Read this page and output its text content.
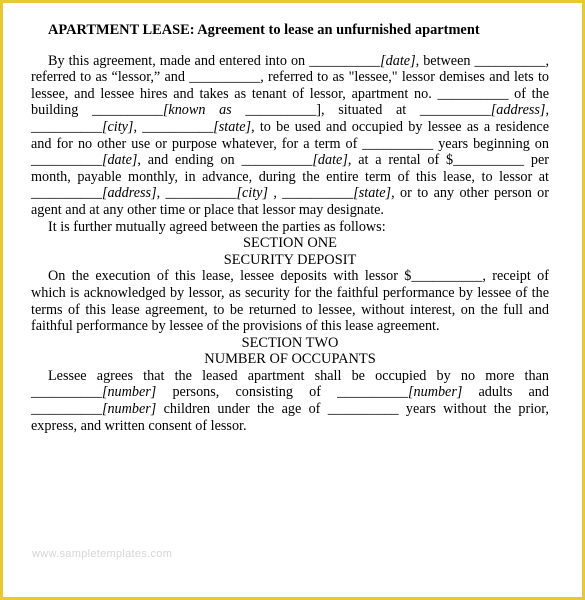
APARTMENT LEASE: Agreement to lease an unfurnished apartment

By this agreement, made and entered into on __________[date], between __________, referred to as “lessor,” and __________, referred to as "lessee," lessor demises and lets to lessee, and lessee hires and takes as tenant of lessor, apartment no. __________ of the building __________[known as __________], situated at __________[address], __________[city], __________[state], to be used and occupied by lessee as a residence and for no other use or purpose whatever, for a term of __________ years beginning on __________[date], and ending on __________[date], at a rental of $__________ per month, payable monthly, in advance, during the entire term of this lease, to lessor at __________[address], __________[city] , __________[state], or to any other person or agent and at any other time or place that lessor may designate.

It is further mutually agreed between the parties as follows:

SECTION ONE

SECURITY DEPOSIT

On the execution of this lease, lessee deposits with lessor $__________, receipt of which is acknowledged by lessor, as security for the faithful performance by lessee of the terms of this lease agreement, to be returned to lessee, without interest, on the full and faithful performance by lessee of the provisions of this lease agreement.

SECTION TWO

NUMBER OF OCCUPANTS

Lessee agrees that the leased apartment shall be occupied by no more than __________[number] persons, consisting of __________[number] adults and __________[number] children under the age of __________ years without the prior, express, and written consent of lessor.

www.sampletemplates.com
